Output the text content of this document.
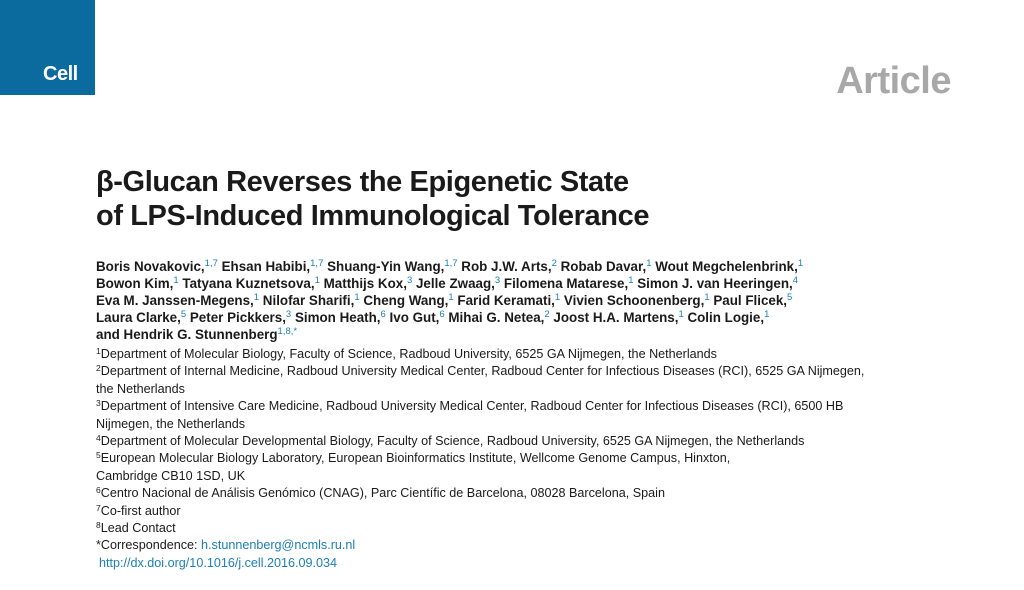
Cell	Article
β-Glucan Reverses the Epigenetic State
of LPS-Induced Immunological Tolerance
Boris Novakovic,$^{1,7}$ Ehsan Habibi,$^{1,7}$ Shuang-Yin Wang,$^{1,7}$ Rob J.W. Arts,$^2$ Robab Davar,$^1$ Wout Megchelenbrink,$^1$
Bowon Kim,$^1$ Tatyana Kuznetsova,$^1$ Matthijs Kox,$^3$ Jelle Zwaag,$^3$ Filomena Matarese,$^1$ Simon J. van Heeringen,$^4$
Eva M. Janssen-Megens,$^1$ Nilofar Sharifi,$^1$ Cheng Wang,$^1$ Farid Keramati,$^1$ Vivien Schoonenberg,$^1$ Paul Flicek,$^5$
Laura Clarke,$^5$ Peter Pickkers,$^3$ Simon Heath,$^6$ Ivo Gut,$^6$ Mihai G. Netea,$^2$ Joost H.A. Martens,$^1$ Colin Logie,$^1$
and Hendrik G. Stunnenberg$^{1,8,*}$
$^1$Department of Molecular Biology, Faculty of Science, Radboud University, 6525 GA Nijmegen, the Netherlands
$^2$Department of Internal Medicine, Radboud University Medical Center, Radboud Center for Infectious Diseases (RCI), 6525 GA Nijmegen,
the Netherlands
$^3$Department of Intensive Care Medicine, Radboud University Medical Center, Radboud Center for Infectious Diseases (RCI), 6500 HB
Nijmegen, the Netherlands
$^4$Department of Molecular Developmental Biology, Faculty of Science, Radboud University, 6525 GA Nijmegen, the Netherlands
$^5$European Molecular Biology Laboratory, European Bioinformatics Institute, Wellcome Genome Campus, Hinxton,
Cambridge CB10 1SD, UK
$^6$Centro Nacional de Análisis Genómico (CNAG), Parc Científic de Barcelona, 08028 Barcelona, Spain
$^7$Co-first author
$^8$Lead Contact
*Correspondence: h.stunnenberg@ncmls.ru.nl
http://dx.doi.org/10.1016/j.cell.2016.09.034
